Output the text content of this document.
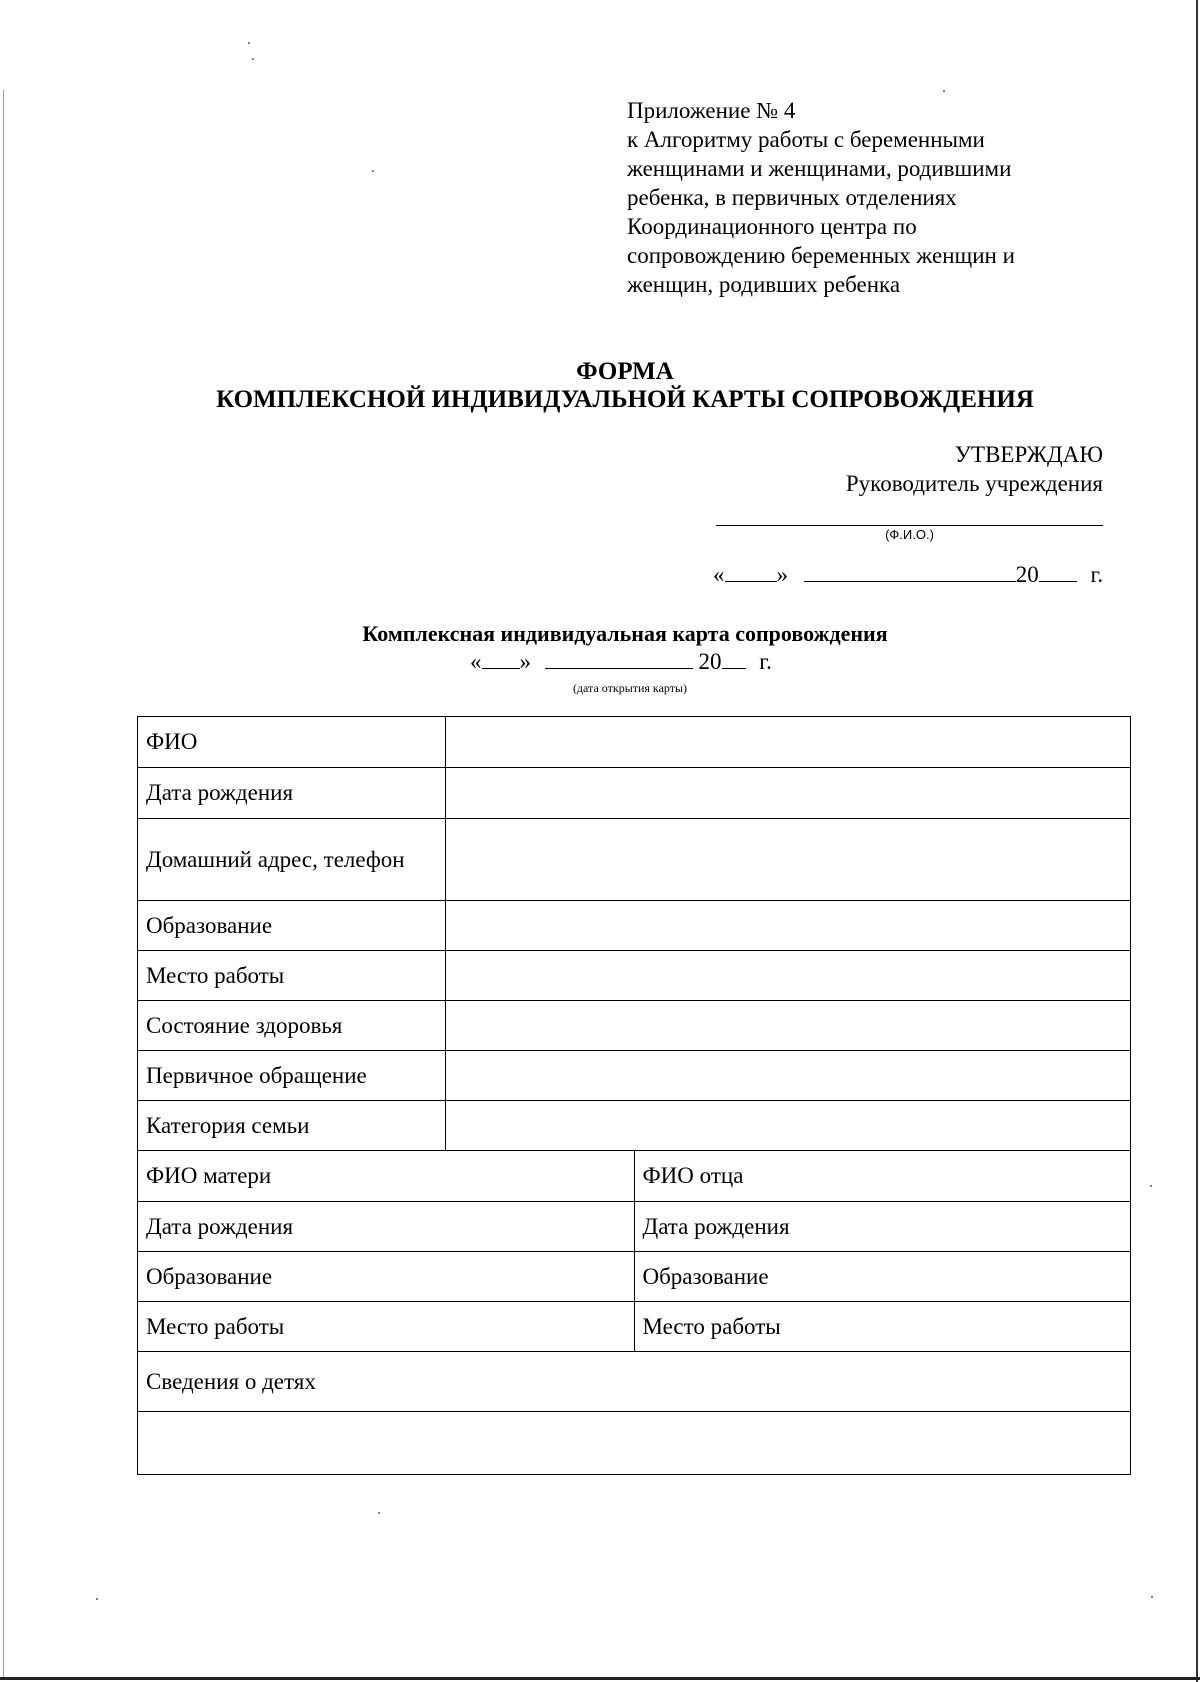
Приложение № 4
к Алгоритму работы с беременными
женщинами и женщинами, родившими
ребенка, в первичных отделениях
Координационного центра по
сопровождению беременных женщин и
женщин, родивших ребенка
ФОРМА
КОМПЛЕКСНОЙ ИНДИВИДУАЛЬНОЙ КАРТЫ СОПРОВОЖДЕНИЯ
УТВЕРЖДАЮ
Руководитель учреждения
(Ф.И.О.)
« »	20 г.
Комплексная индивидуальная карта сопровождения
« »	20 г.
(дата открытия карты)
ФИО	
Дата рождения	
Домашний адрес, телефон	
Образование	
Место работы	
Состояние здоровья	
Первичное обращение	
Категория семьи	
ФИО матери	ФИО отца
Дата рождения	Дата рождения
Образование	Образование
Место работы	Место работы
Сведения о детях	
